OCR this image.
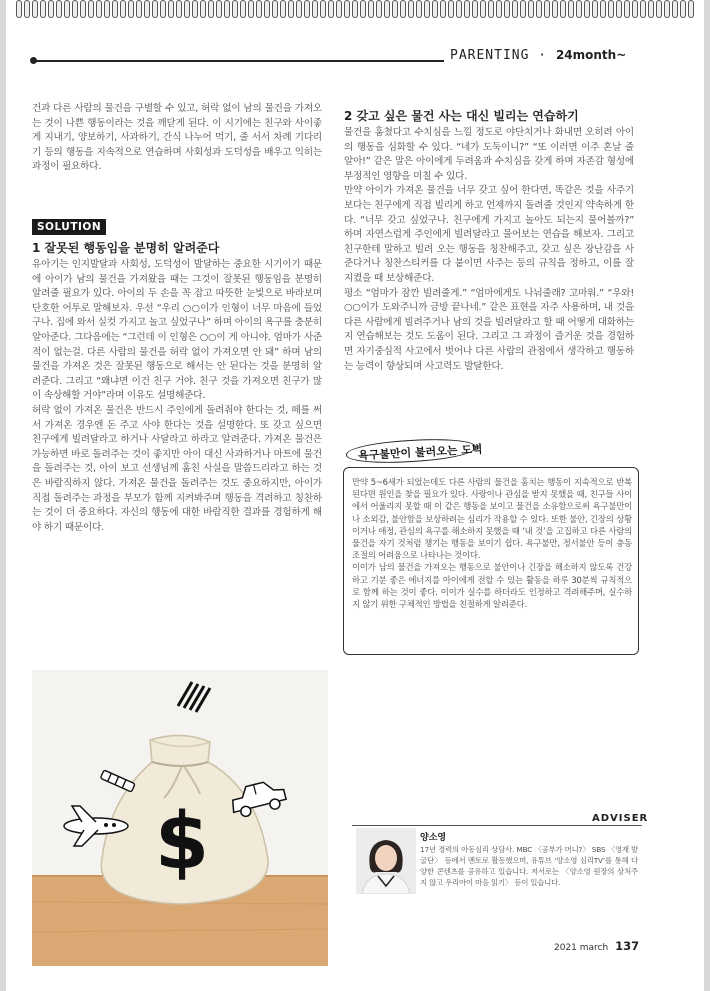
PARENTING · 24month~

건과 다른 사람의 물건을 구별할 수 있고, 허락 없이 남의 물건을 가져오는 것이 나쁜 행동이라는 것을 깨닫게 된다. 이 시기에는 친구와 사이좋게 지내기, 양보하기, 사과하기, 간식 나누어 먹기, 줄 서서 차례 기다리기 등의 행동을 지속적으로 연습하며 사회성과 도덕성을 배우고 익히는 과정이 필요하다.

SOLUTION
1 잘못된 행동임을 분명히 알려준다

유아기는 인지발달과 사회성, 도덕성이 발달하는 중요한 시기이기 때문에 아이가 남의 물건을 가져왔을 때는 그것이 잘못된 행동임을 분명히 알려줄 필요가 있다. 아이의 두 손을 꼭 잡고 따뜻한 눈빛으로 바라보며 단호한 어투로 말해보자. 우선 “우리 ○○이가 인형이 너무 마음에 들었구나. 집에 와서 실컷 가지고 놀고 싶었구나” 하며 아이의 욕구를 충분히 알아준다. 그다음에는 “그런데 이 인형은 ○○이 게 아니야. 엄마가 사준 적이 없는걸. 다른 사람의 물건을 허락 없이 가져오면 안 돼” 하며 남의 물건을 가져온 것은 잘못된 행동으로 해서는 안 된다는 것을 분명히 알려준다. 그리고 “왜냐면 이건 친구 거야. 친구 것을 가져오면 친구가 많이 속상해할 거야”라며 이유도 설명해준다.

허락 없이 가져온 물건은 반드시 주인에게 돌려줘야 한다는 것, 떼를 써서 가져온 경우엔 돈 주고 사야 한다는 것을 설명한다. 또 갖고 싶으면 친구에게 빌려달라고 하거나 사달라고 하라고 알려준다. 가져온 물건은 가능하면 바로 돌려주는 것이 좋지만 아이 대신 사과하거나 마트에 물건을 돌려주는 것, 아이 보고 선생님께 훔친 사실을 말씀드리라고 하는 것은 바람직하지 않다. 가져온 물건을 돌려주는 것도 중요하지만, 아이가 직접 돌려주는 과정을 부모가 함께 지켜봐주며 행동을 격려하고 칭찬하는 것이 더 중요하다. 자신의 행동에 대한 바람직한 결과를 경험하게 해야 하기 때문이다.

2 갖고 싶은 물건 사는 대신 빌리는 연습하기

물건을 훔쳤다고 수치심을 느낄 정도로 야단치거나 화내면 오히려 아이의 행동을 심화할 수 있다. “네가 도둑이니?” “또 이러면 이주 혼날 줄 알아!” 같은 말은 아이에게 두려움과 수치심을 갖게 하며 자존감 형성에 부정적인 영향을 미칠 수 있다.

만약 아이가 가져온 물건을 너무 갖고 싶어 한다면, 똑같은 것을 사주기보다는 친구에게 직접 빌리게 하고 언제까지 돌려줄 것인지 약속하게 한다. “너무 갖고 싶었구나. 친구에게 가지고 놀아도 되는지 물어볼까?” 하며 자연스럽게 주인에게 빌려달라고 물어보는 연습을 해보자. 그리고 친구한테 말하고 빌려 오는 행동을 칭찬해주고, 갖고 싶은 장난감을 사준다거나 칭찬스티커를 다 붙이면 사주는 등의 규칙을 정하고, 이를 잘 지켰을 때 보상해준다.

평소 “엄마가 잠깐 빌려줄게.” “엄마에게도 나눠줄래? 고마워.” “우와! ○○이가 도와주니까 금방 끝나네.” 같은 표현을 자주 사용하며, 내 것을 다른 사람에게 빌려주거나 남의 것을 빌려달라고 할 때 어떻게 대화하는지 연습해보는 것도 도움이 된다. 그리고 그 과정이 즐거운 것을 경험하면 자기중심적 사고에서 벗어나 다른 사람의 관점에서 생각하고 행동하는 능력이 향상되며 사고력도 발달한다.

욕구불만이 불러오는 도벽

만약 5~6세가 되었는데도 다른 사람의 물건을 훔치는 행동이 지속적으로 반복된다면 원인을 찾을 필요가 있다. 사랑이나 관심을 받지 못했을 때, 친구들 사이에서 어울리지 못할 때 이 같은 행동을 보이고 물건을 소유함으로써 욕구불만이나 소외감, 불안함을 보상하려는 심리가 작용할 수 있다. 또한 불안, 긴장의 상황이거나 애정, 관심의 욕구를 해소하지 못했을 때 ‘내 것’을 고집하고 다른 사람의 물건을 자기 것처럼 챙기는 행동을 보이기 쉽다. 욕구불만, 정서불안 등이 충동조절의 어려움으로 나타나는 것이다.

이이가 남의 물건을 가져오는 행동으로 불안이나 긴장을 해소하지 않도록 건강하고 기분 좋은 에너지를 아이에게 전할 수 있는 활동을 하루 30분씩 규칙적으로 함께 하는 것이 좋다. 이이가 실수를 하더라도 인정하고 격려해주며, 실수하지 않기 위한 구체적인 방법을 친절하게 알려준다.

$	ADVISER
양소영

17년 경력의 아동심리 상담사. MBC 〈공부가 머니?〉 SBS 〈영재 발굴단〉 등에서 멘토로 활동했으며, 유튜브 ‘양소영 심리TV’를 통해 다양한 콘텐츠를 공유하고 있습니다. 저서로는 〈양소영 원장의 상처주지 않고 우리아이 마음 읽기〉 등이 있습니다.

2021 march 137
